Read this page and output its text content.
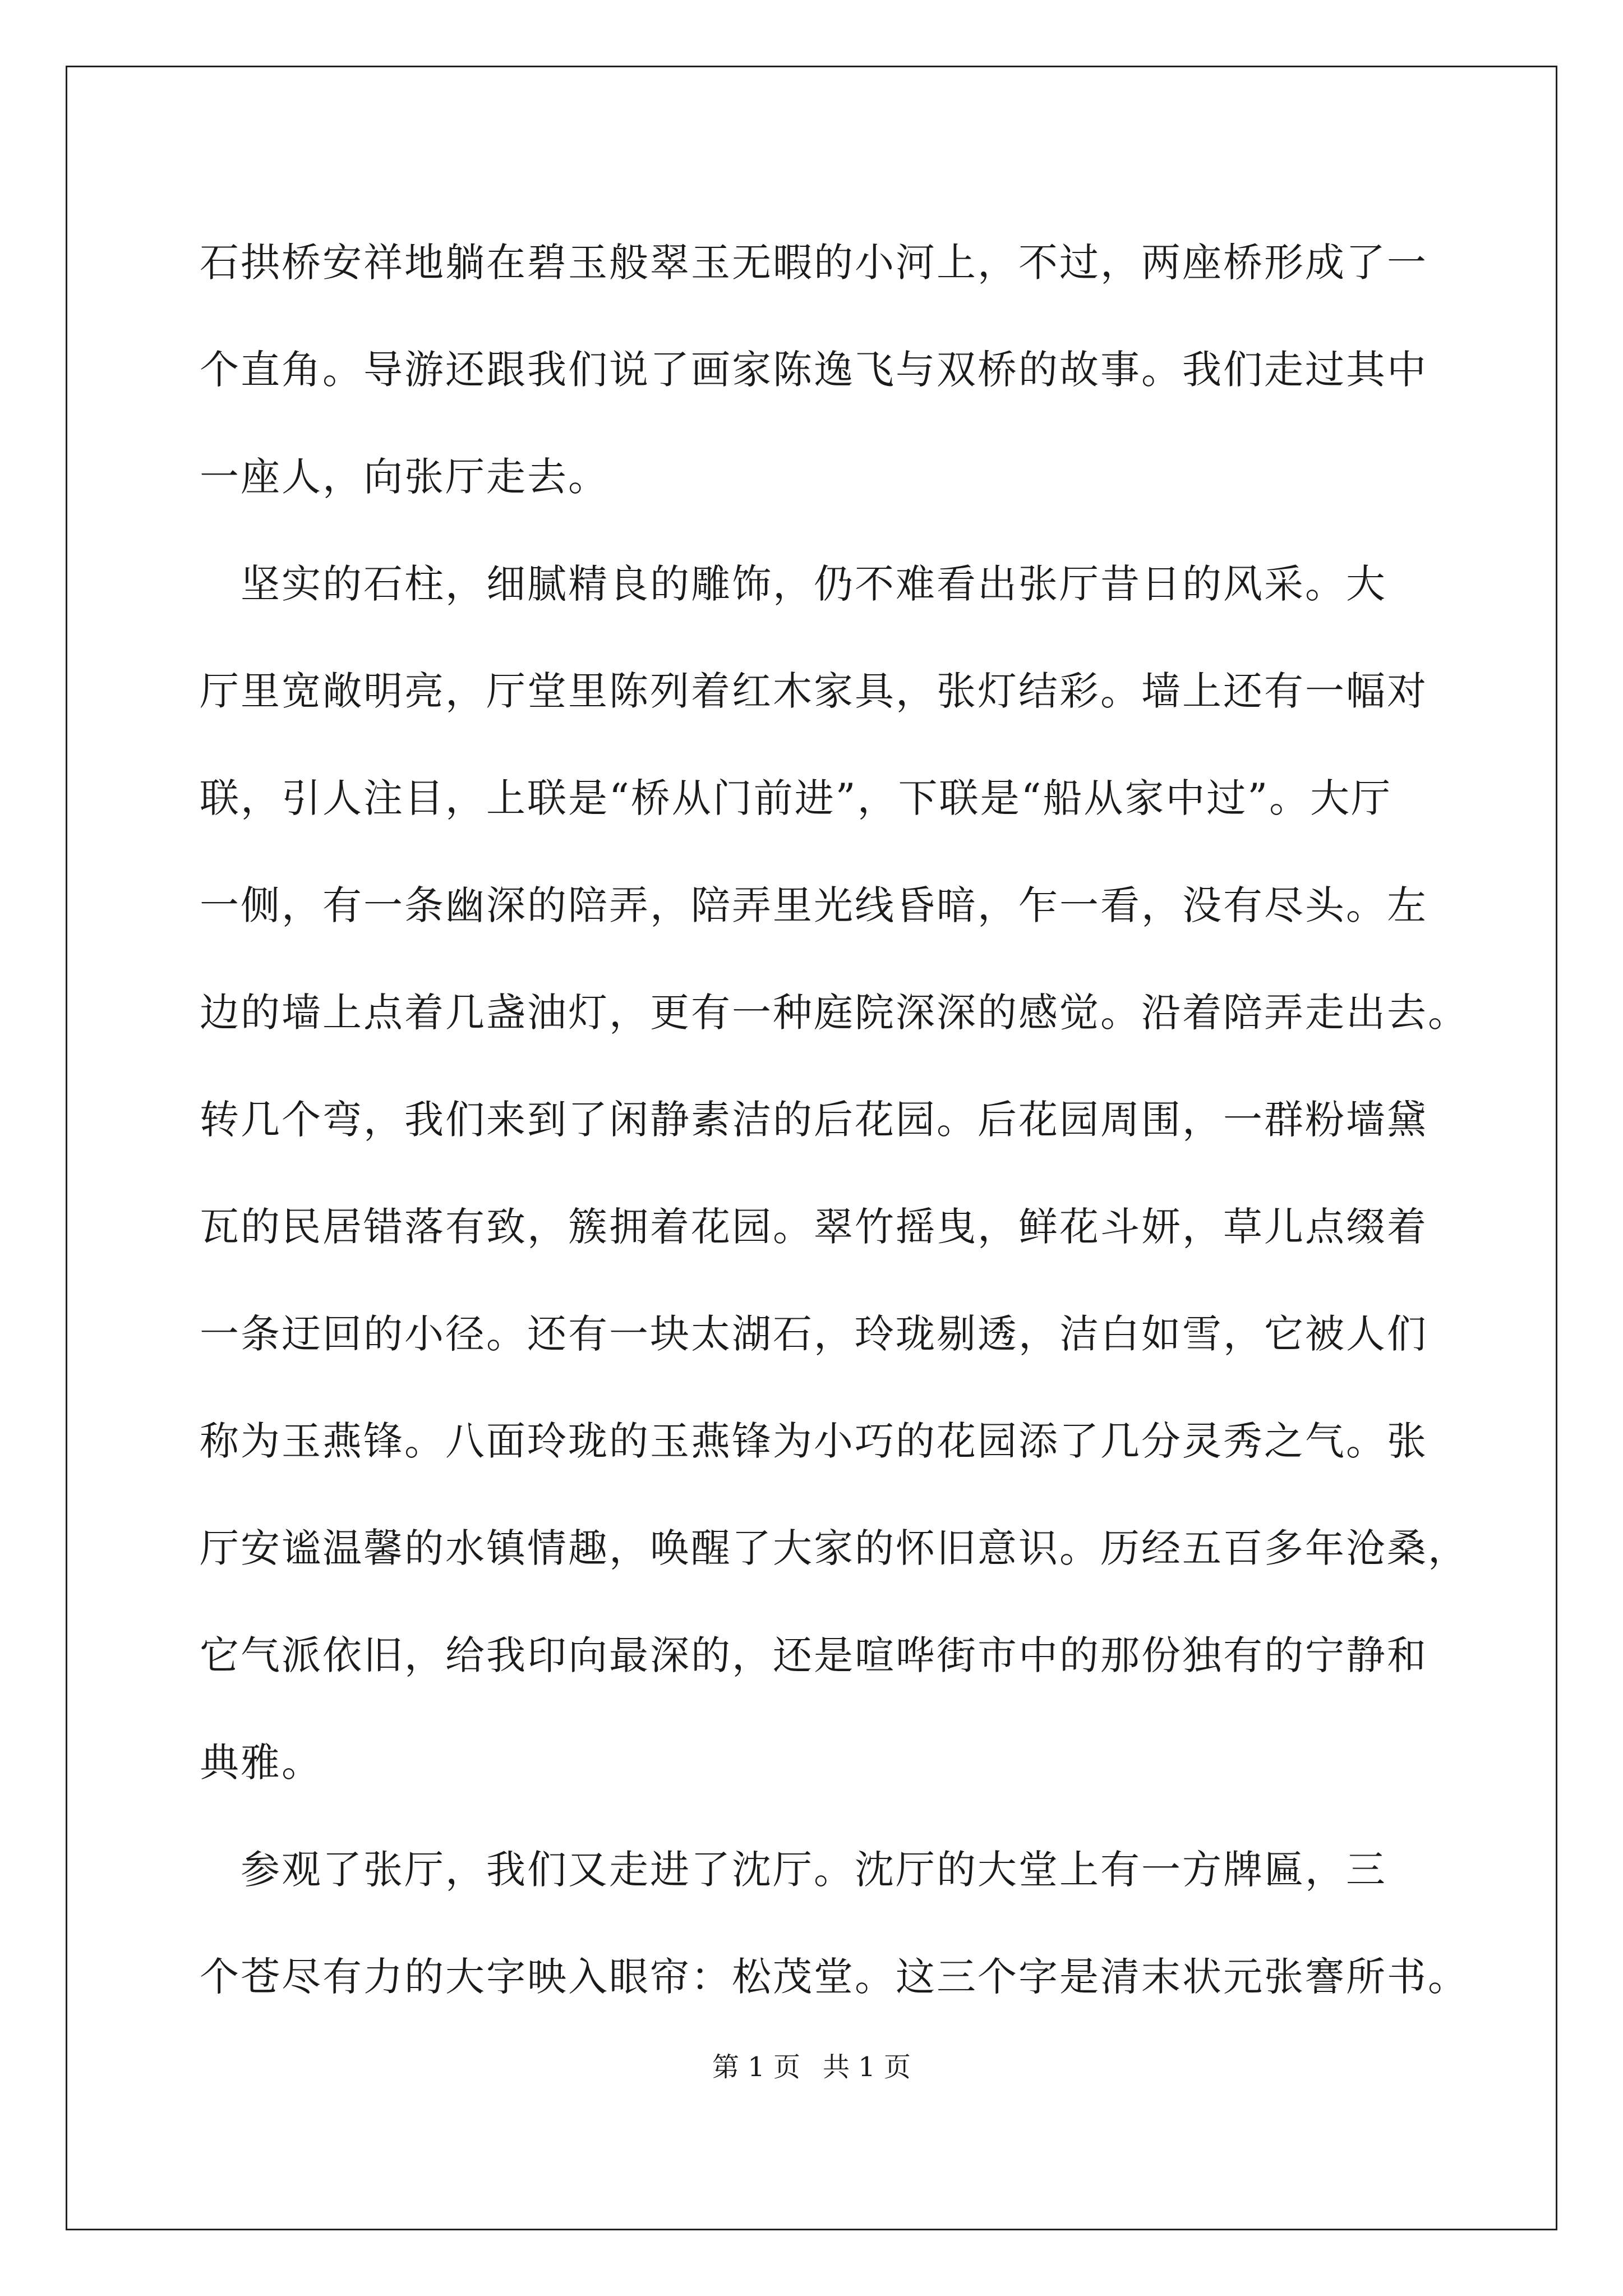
石拱桥安祥地躺在碧玉般翠玉无暇的小河上，不过，两座桥形成了一
个直角。导游还跟我们说了画家陈逸飞与双桥的故事。我们走过其中
一座人，向张厅走去。
　坚实的石柱，细腻精良的雕饰，仍不难看出张厅昔日的风采。大
厅里宽敞明亮，厅堂里陈列着红木家具，张灯结彩。墙上还有一幅对
联，引人注目，上联是“桥从门前进”，下联是“船从家中过”。大厅
一侧，有一条幽深的陪弄，陪弄里光线昏暗，乍一看，没有尽头。左
边的墙上点着几盏油灯，更有一种庭院深深的感觉。沿着陪弄走出去。
转几个弯，我们来到了闲静素洁的后花园。后花园周围，一群粉墙黛
瓦的民居错落有致，簇拥着花园。翠竹摇曳，鲜花斗妍，草儿点缀着
一条迂回的小径。还有一块太湖石，玲珑剔透，洁白如雪，它被人们
称为玉燕锋。八面玲珑的玉燕锋为小巧的花园添了几分灵秀之气。张
厅安谧温馨的水镇情趣，唤醒了大家的怀旧意识。历经五百多年沧桑，
它气派依旧，给我印向最深的，还是喧哗街市中的那份独有的宁静和
典雅。
　参观了张厅，我们又走进了沈厅。沈厅的大堂上有一方牌匾，三
个苍尽有力的大字映入眼帘：松茂堂。这三个字是清末状元张謇所书。
第 1 页 共 1 页
